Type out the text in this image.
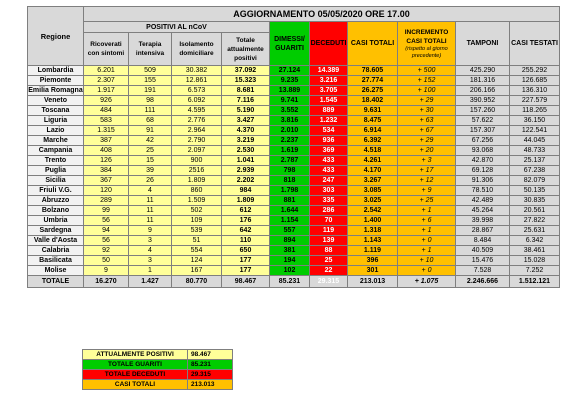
Regione	AGGIORNAMENTO 05/05/2020 ORE 17.00									
	POSITIVI AL nCoV				DIMESSI/ GUARITI	DECEDUTI	CASI TOTALI	INCREMENTO CASI TOTALI
(rispetto al giorno precedente)	TAMPONI	CASI TESTATI
	Ricoverati con sintomi	Terapia intensiva	Isolamento domiciliare	Totale attualmente positivi						
Lombardia	6.201	509	30.382	37.092	27.124	14.389	78.605	+ 500	425.290	255.292
Piemonte	2.307	155	12.861	15.323	9.235	3.216	27.774	+ 152	181.316	126.685
Emilia Romagna	1.917	191	6.573	8.681	13.889	3.705	26.275	+ 100	206.166	136.310
Veneto	926	98	6.092	7.116	9.741	1.545	18.402	+ 29	390.952	227.579
Toscana	484	111	4.595	5.190	3.552	889	9.631	+ 30	157.260	118.265
Liguria	583	68	2.776	3.427	3.816	1.232	8.475	+ 63	57.622	36.150
Lazio	1.315	91	2.964	4.370	2.010	534	6.914	+ 67	157.307	122.541
Marche	387	42	2.790	3.219	2.237	936	6.392	+ 29	67.256	44.045
Campania	408	25	2.097	2.530	1.619	369	4.518	+ 20	93.068	48.733
Trento	126	15	900	1.041	2.787	433	4.261	+ 3	42.870	25.137
Puglia	384	39	2516	2.939	798	433	4.170	+ 17	69.128	67.238
Sicilia	367	26	1.809	2.202	818	247	3.267	+ 12	91.306	82.079
Friuli V.G.	120	4	860	984	1.798	303	3.085	+ 9	78.510	50.135
Abruzzo	289	11	1.509	1.809	881	335	3.025	+ 25	42.489	30.835
Bolzano	99	11	502	612	1.644	286	2.542	+ 1	45.264	20.561
Umbria	56	11	109	176	1.154	70	1.400	+ 6	39.998	27.822
Sardegna	94	9	539	642	557	119	1.318	+ 1	28.867	25.631
Valle d'Aosta	56	3	51	110	894	139	1.143	+ 0	8.484	6.342
Calabria	92	4	554	650	381	88	1.119	+ 1	40.509	38.461
Basilicata	50	3	124	177	194	25	396	+ 10	15.476	15.028
Molise	9	1	167	177	102	22	301	+ 0	7.528	7.252
TOTALE	16.270	1.427	80.770	98.467	85.231	29.315	213.013	+ 1.075	2.246.666	1.512.121
ATTUALMENTE POSITIVI	98.467
TOTALE GUARITI	85.231
TOTALE DECEDUTI	29.315
CASI TOTALI	213.013
